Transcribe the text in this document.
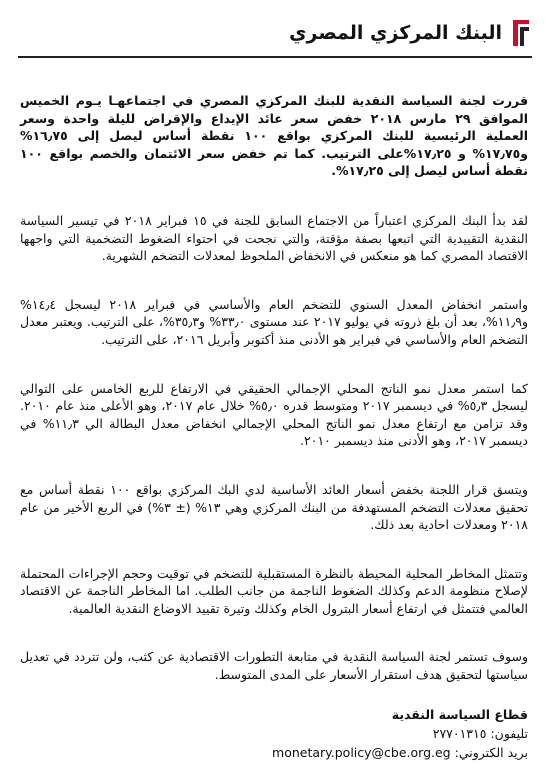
البنك المركزي المصري

قررت لجنة السياسة النقدية للبنك المركزي المصري في اجتماعهـا يـوم الخميس الموافق ٢٩ مارس ٢٠١٨ خفض سعر عائد الإيداع والإقراض لليلة واحدة وسعر العملية الرئيسية للبنك المركزي بواقع ١٠٠ نقطة أساس ليصل إلى ١٦٫٧٥% و١٧٫٧٥% و ١٧٫٢٥%على الترتيب. كما تم خفض سعر الائتمان والخصم بواقع ١٠٠ نقطة أساس ليصل إلى ١٧٫٢٥%.

لقد بدأ البنك المركزي اعتباراً من الاجتماع السابق للجنة في ١٥ فبراير ٢٠١٨ في تيسير السياسة النقدية التقييدية التي اتبعها بصفة مؤقتة، والتي نجحت في احتواء الضغوط التضخمية التي واجهها الاقتصاد المصري كما هو منعكس في الانخفاض الملحوظ لمعدلات التضخم الشهرية.

واستمر انخفاض المعدل السنوي للتضخم العام والأساسي في فبراير ٢٠١٨ ليسجل ١٤٫٤% و١١٫٩%، بعد أن بلغ ذروته في يوليو ٢٠١٧ عند مستوى ٣٣٫٠% و٣٥٫٣%، على الترتيب. ويعتبر معدل التضخم العام والأساسي في فبراير هو الأدنى منذ أكتوبر وأبريل ٢٠١٦، على الترتيب.

كما استمر معدل نمو الناتج المحلي الإجمالي الحقيقي في الارتفاع للربع الخامس على التوالي ليسجل ٥٫٣% في ديسمبر ٢٠١٧ ومتوسط قدره ٥٫٠% خلال عام ٢٠١٧، وهو الأعلى منذ عام ٢٠١٠. وقد تزامن مع ارتفاع معدل نمو الناتج المحلي الإجمالي انخفاض معدل البطالة الي ١١٫٣% في ديسمبر ٢٠١٧، وهو الأدنى منذ ديسمبر ٢٠١٠.

ويتسق قرار اللجنة بخفض أسعار العائد الأساسية لدي البك المركزي بواقع ١٠٠ نقطة أساس مع تحقيق معدلات التضخم المستهدفة من البنك المركزي وهي ١٣% (± ٣%) في الربع الأخير من عام ٢٠١٨ ومعدلات احادية بعد ذلك.

وتتمثل المخاطر المحلية المحيطة بالنظرة المستقبلية للتضخم في توقيت وحجم الإجراءات المحتملة لإصلاح منظومة الدعم وكذلك الضغوط الناجمة من جانب الطلب. اما المخاطر الناجمة عن الاقتصاد العالمي فتتمثل في ارتفاع أسعار البترول الخام وكذلك وتيرة تقييد الاوضاع النقدية العالمية.

وسوف تستمر لجنة السياسة النقدية في متابعة التطورات الاقتصادية عن كثب، ولن تتردد في تعديل سياستها لتحقيق هدف استقرار الأسعار على المدى المتوسط.

قطاع السياسة النقدية
تليفون: ٢٧٧٠١٣١٥
بريد الكتروني: monetary.policy@cbe.org.eg
